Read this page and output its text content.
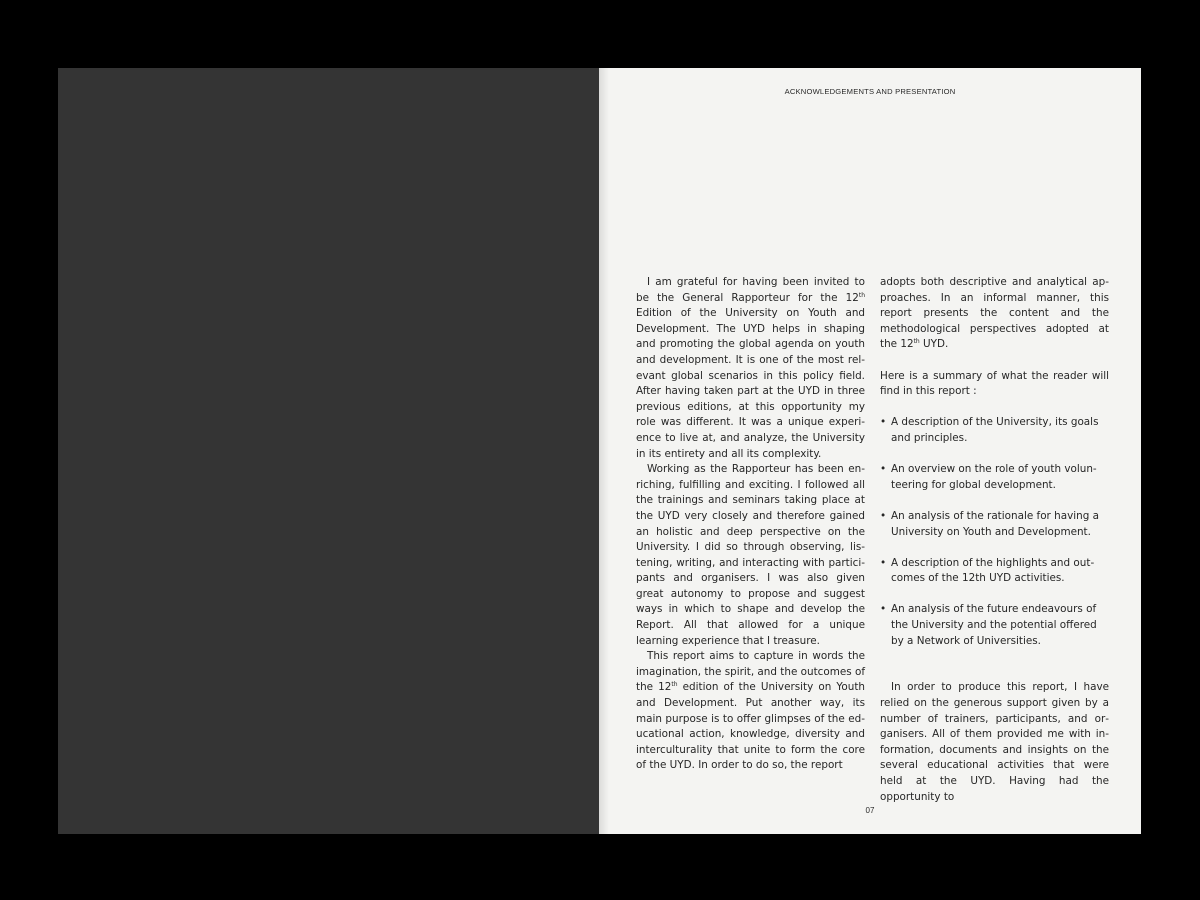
ACKNOWLEDGEMENTS AND PRESENTATION

I am grateful for having been invited to be the General Rapporteur for the 12th Edition of the University on Youth and Development. The UYD helps in shaping and promoting the global agenda on youth and development. It is one of the most relevant global scenarios in this policy field. After having taken part at the UYD in three previous editions, at this opportunity my role was different. It was a unique experience to live at, and analyze, the University in its entirety and all its complexity.

Working as the Rapporteur has been enriching, fulfilling and exciting. I followed all the trainings and seminars taking place at the UYD very closely and therefore gained an holistic and deep perspective on the University. I did so through observing, listening, writing, and interacting with participants and organisers. I was also given great autonomy to propose and suggest ways in which to shape and develop the Report. All that allowed for a unique learning experience that I treasure.

This report aims to capture in words the imagination, the spirit, and the outcomes of the 12th edition of the University on Youth and Development. Put another way, its main purpose is to offer glimpses of the educational action, knowledge, diversity and interculturality that unite to form the core of the UYD. In order to do so, the report

adopts both descriptive and analytical approaches. In an informal manner, this report presents the content and the methodological perspectives adopted at the 12th UYD.

Here is a summary of what the reader will find in this report :

• A description of the University, its goals and principles.
• An overview on the role of youth volunteering for global development.
• An analysis of the rationale for having a University on Youth and Development.
• A description of the highlights and outcomes of the 12th UYD activities.
• An analysis of the future endeavours of the University and the potential offered by a Network of Universities.

In order to produce this report, I have relied on the generous support given by a number of trainers, participants, and organisers. All of them provided me with information, documents and insights on the several educational activities that were held at the UYD. Having had the opportunity to

07
